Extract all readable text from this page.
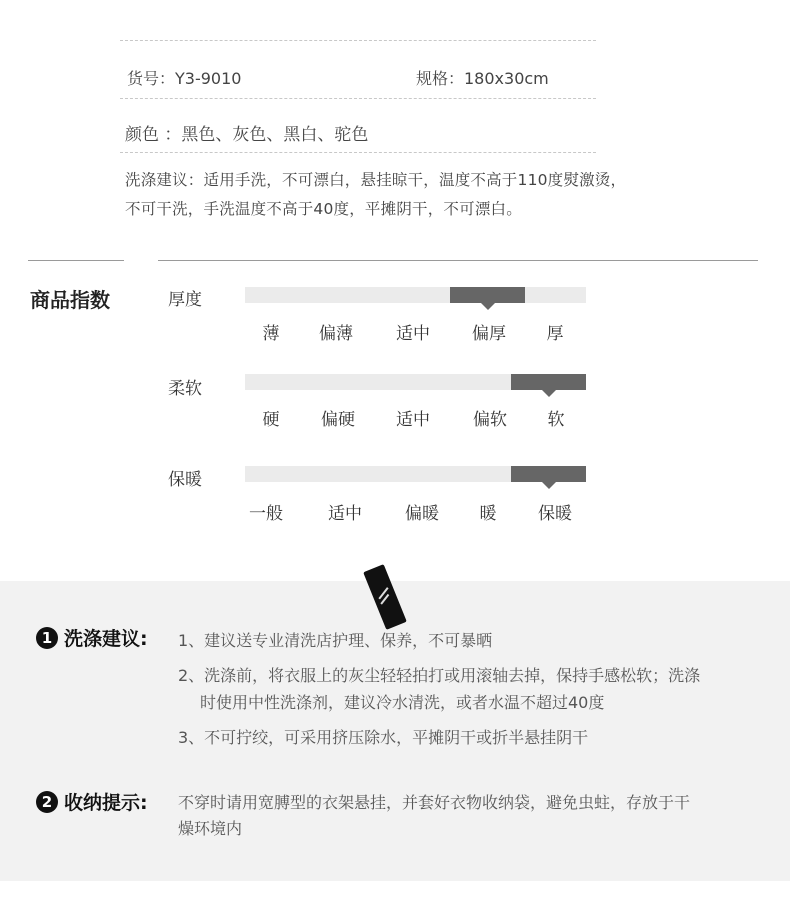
货号：Y3-9010	规格：180x30cm
颜色 ：黑色、灰色、黑白、驼色
洗涤建议：适用手洗，不可漂白，悬挂晾干，温度不高于110度熨激烫，
不可干洗，手洗温度不高于40度，平摊阴干，不可漂白。
商品指数	厚度
薄	偏薄	适中	偏厚	厚
柔软
硬	偏硬	适中	偏软	软
保暖
一般	适中	偏暖	暖	保暖
1 洗涤建议: 1、建议送专业清洗店护理、保养，不可暴晒
2、洗涤前，将衣服上的灰尘轻轻拍打或用滚轴去掉，保持手感松软；洗涤
时使用中性洗涤剂，建议冷水清洗，或者水温不超过40度
3、不可拧绞，可采用挤压除水，平摊阴干或折半悬挂阴干
2 收纳提示: 不穿时请用宽膊型的衣架悬挂，并套好衣物收纳袋，避免虫蛀，存放于干
燥环境内
